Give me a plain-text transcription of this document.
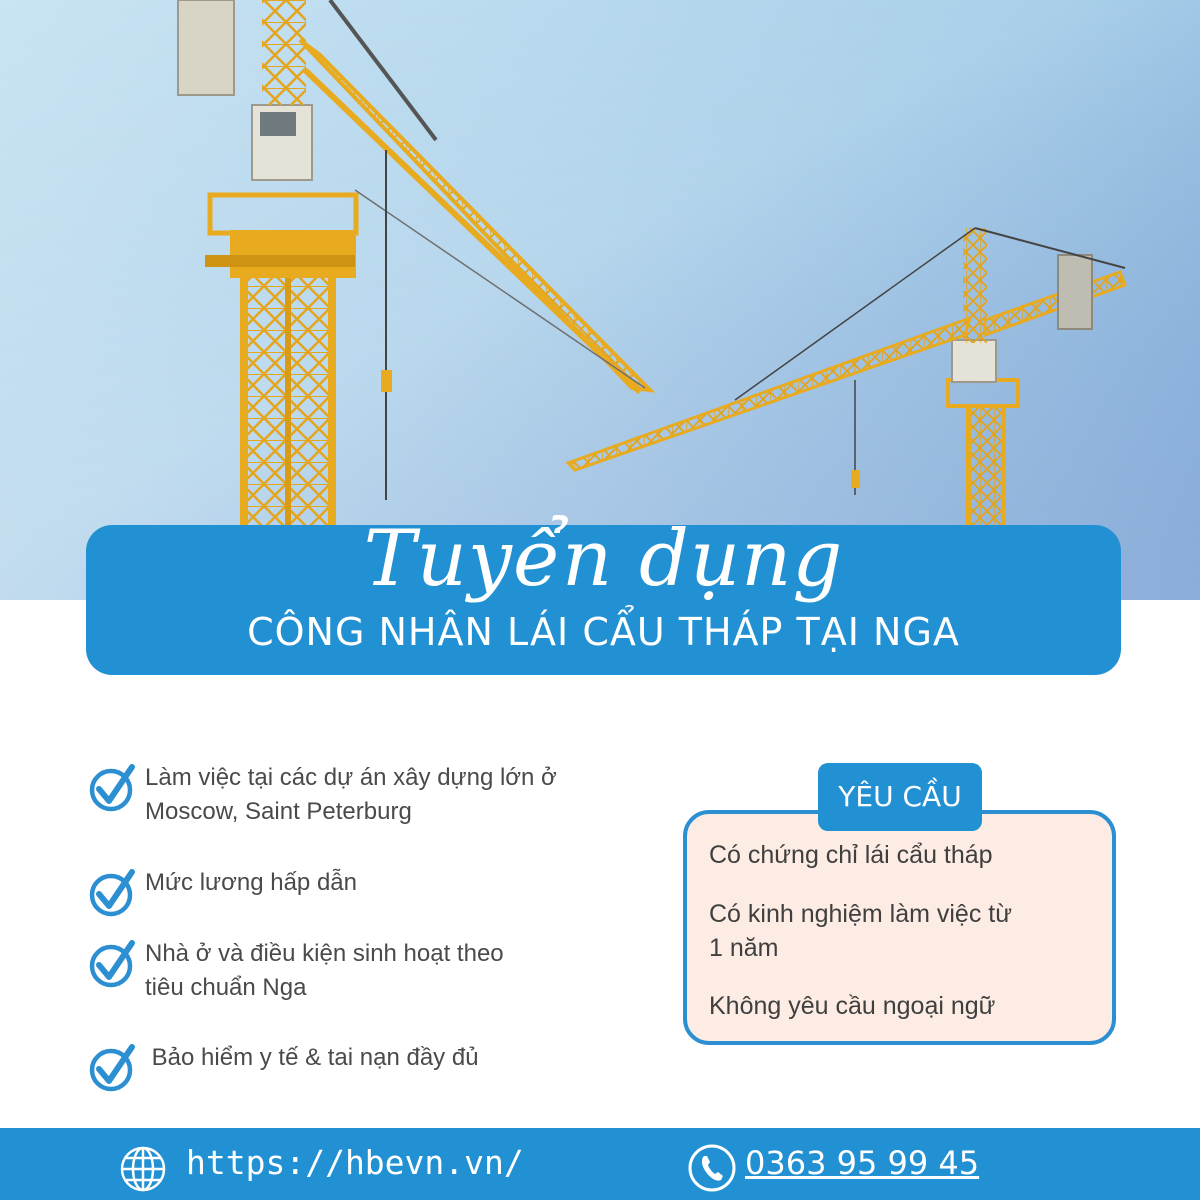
Tuyển dụng
CÔNG NHÂN LÁI CẨU THÁP TẠI NGA
Làm việc tại các dự án xây dựng lớn ở
Moscow, Saint Peterburg
Mức lương hấp dẫn
Nhà ở và điều kiện sinh hoạt theo
tiêu chuẩn Nga
Bảo hiểm y tế & tai nạn đầy đủ
Có chứng chỉ lái cẩu tháp
Có kinh nghiệm làm việc từ
1 năm
Không yêu cầu ngoại ngữ
YÊU CẦU
https://hbevn.vn/	0363 95 99 45
